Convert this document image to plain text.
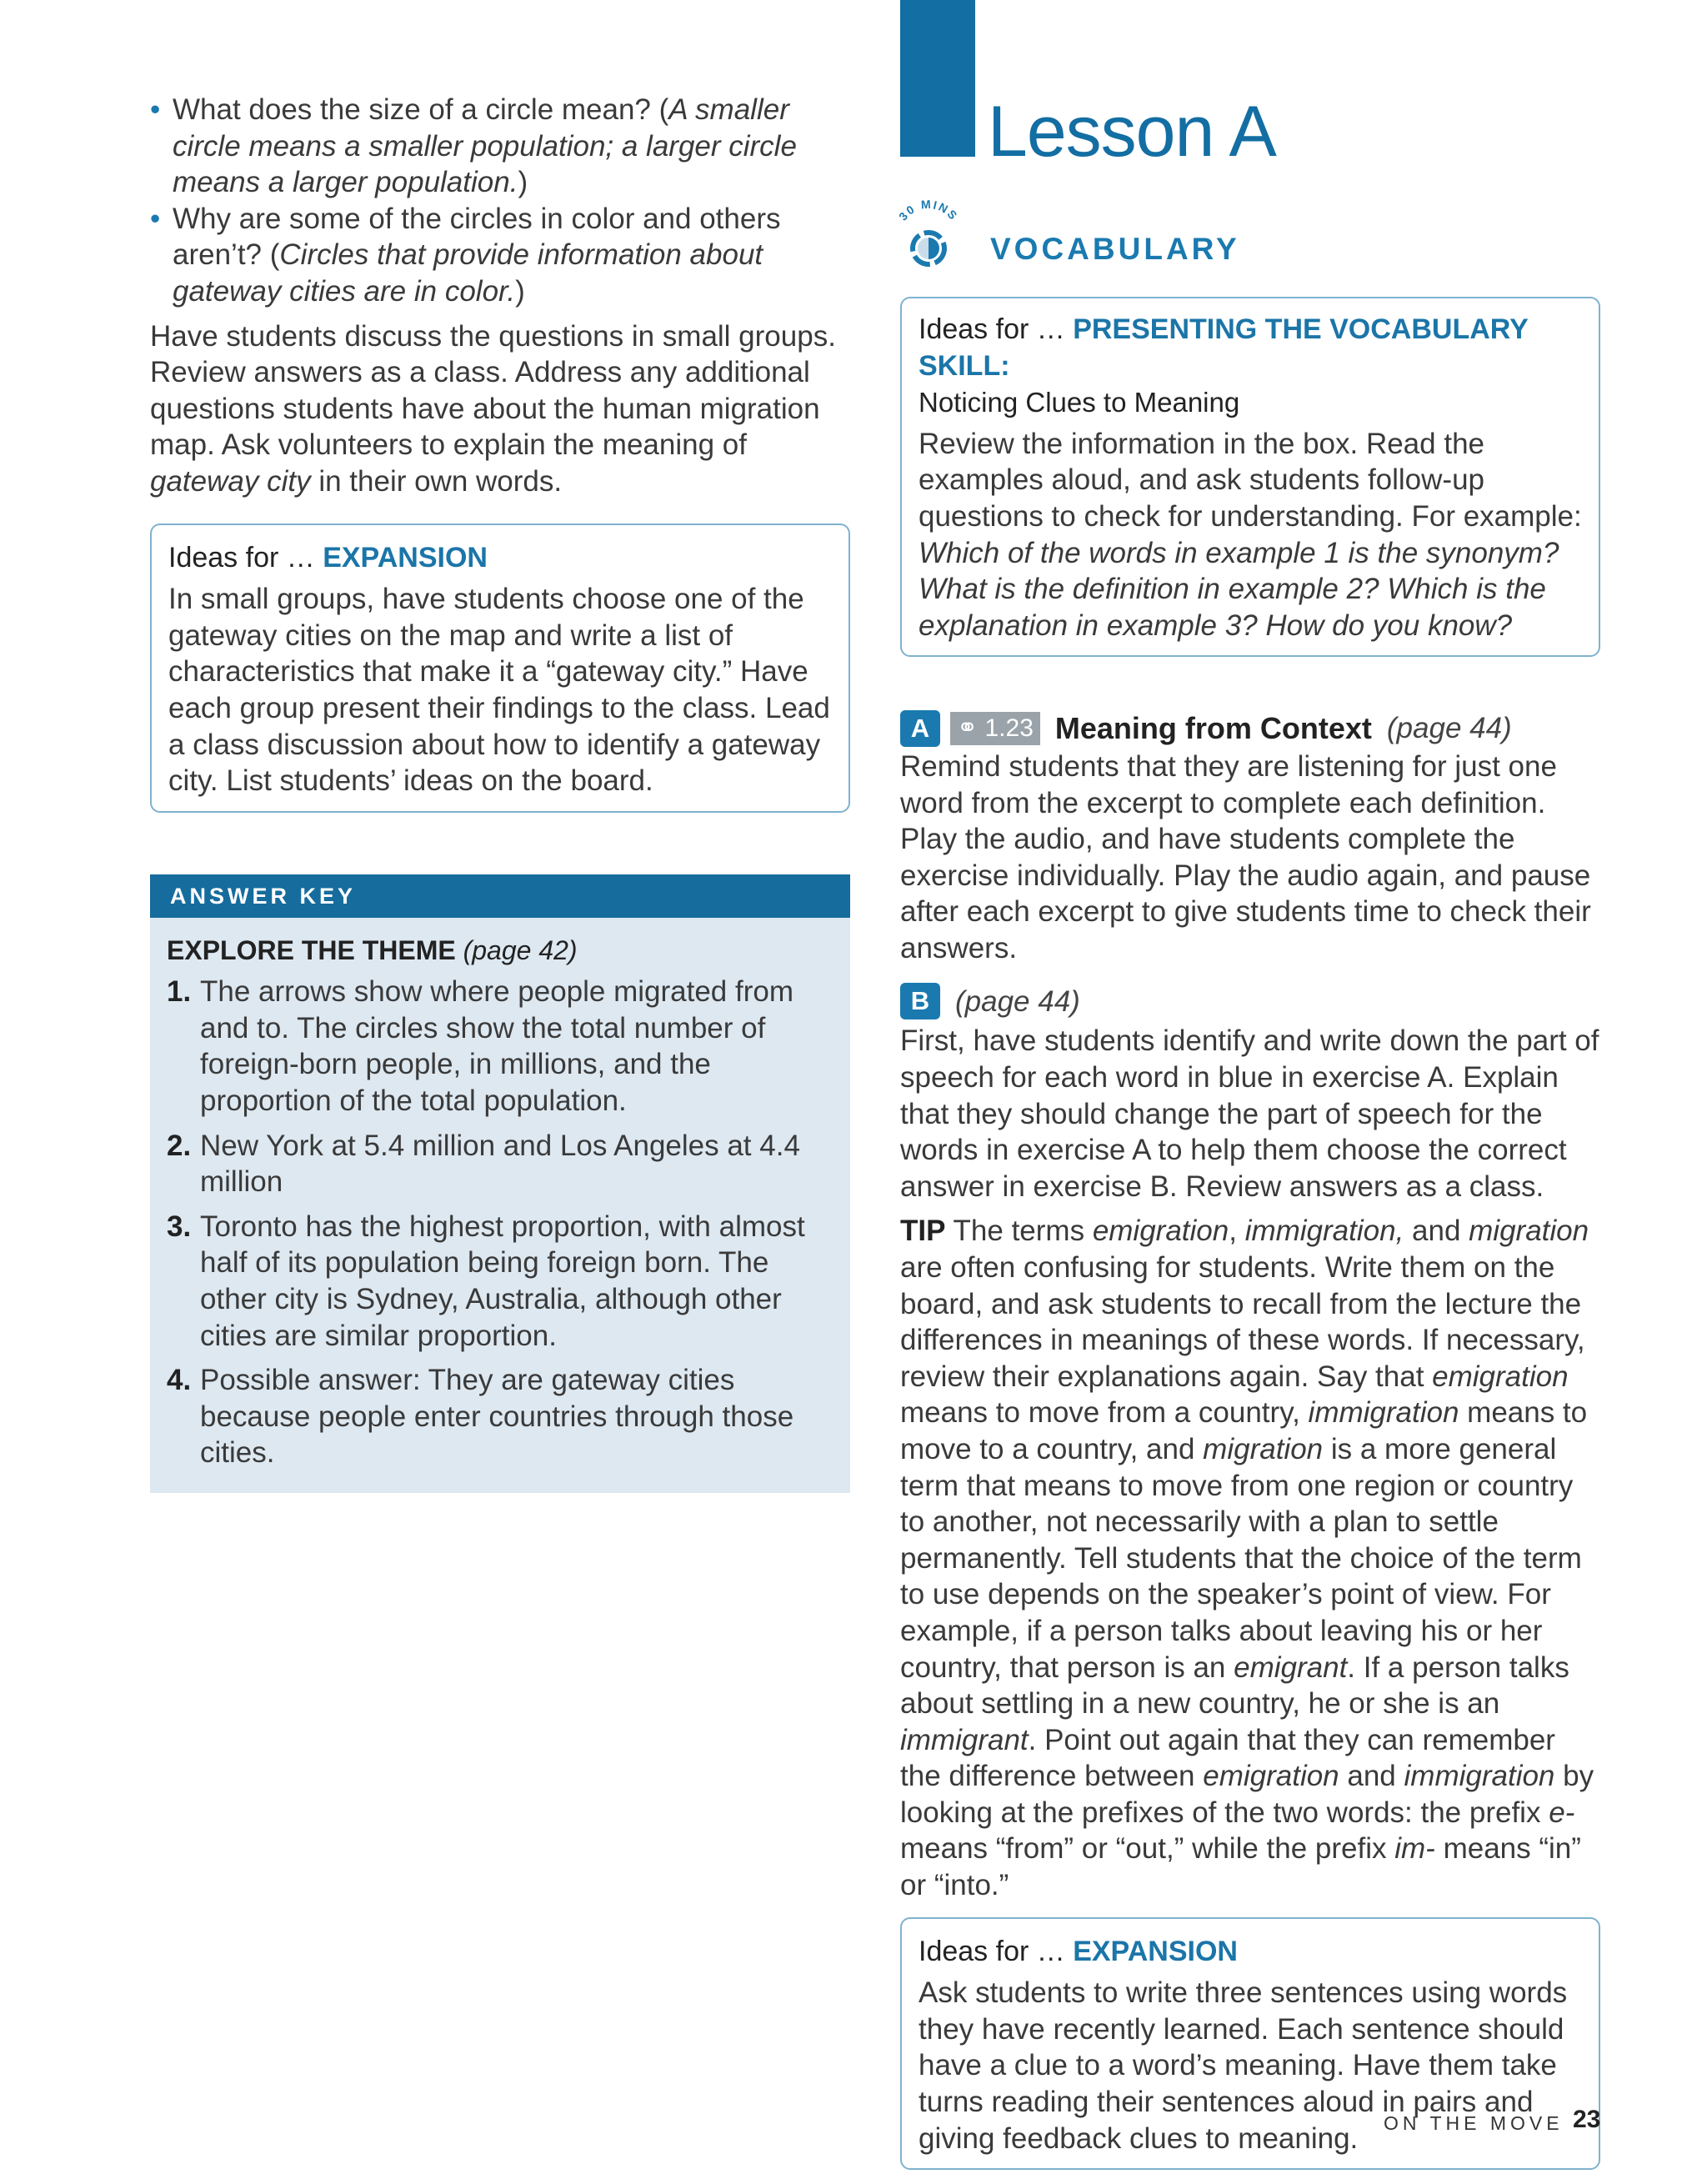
• What does the size of a circle mean? (A smaller circle means a smaller population; a larger circle means a larger population.)
• Why are some of the circles in color and others aren’t? (Circles that provide information about gateway cities are in color.)

Have students discuss the questions in small groups. Review answers as a class. Address any additional questions students have about the human migration map. Ask volunteers to explain the meaning of gateway city in their own words.

Ideas for … EXPANSION

In small groups, have students choose one of the gateway cities on the map and write a list of characteristics that make it a “gateway city.” Have each group present their findings to the class. Lead a class discussion about how to identify a gateway city. List students’ ideas on the board.

ANSWER KEY
EXPLORE THE THEME (page 42)
1. The arrows show where people migrated from and to. The circles show the total number of foreign-born people, in millions, and the proportion of the total population.
2. New York at 5.4 million and Los Angeles at 4.4 million
3. Toronto has the highest proportion, with almost half of its population being foreign born. The other city is Sydney, Australia, although other cities are similar proportion.
4. Possible answer: They are gateway cities because people enter countries through those cities.
Lesson A
30 MINS
VOCABULARY
Ideas for … PRESENTING THE VOCABULARY SKILL:
Noticing Clues to Meaning

Review the information in the box. Read the examples aloud, and ask students follow-up questions to check for understanding. For example: Which of the words in example 1 is the synonym? What is the definition in example 2? Which is the explanation in example 3? How do you know?

A ⚭ 1.23 Meaning from Context (page 44)

Remind students that they are listening for just one word from the excerpt to complete each definition. Play the audio, and have students complete the exercise individually. Play the audio again, and pause after each excerpt to give students time to check their answers.

B (page 44)

First, have students identify and write down the part of speech for each word in blue in exercise A. Explain that they should change the part of speech for the words in exercise A to help them choose the correct answer in exercise B. Review answers as a class.

TIP The terms emigration, immigration, and migration are often confusing for students. Write them on the board, and ask students to recall from the lecture the differences in meanings of these words. If necessary, review their explanations again. Say that emigration means to move from a country, immigration means to move to a country, and migration is a more general term that means to move from one region or country to another, not necessarily with a plan to settle permanently. Tell students that the choice of the term to use depends on the speaker’s point of view. For example, if a person talks about leaving his or her country, that person is an emigrant. If a person talks about settling in a new country, he or she is an immigrant. Point out again that they can remember the difference between emigration and immigration by looking at the prefixes of the two words: the prefix e- means “from” or “out,” while the prefix im- means “in” or “into.”

Ideas for … EXPANSION

Ask students to write three sentences using words they have recently learned. Each sentence should have a clue to a word’s meaning. Have them take turns reading their sentences aloud in pairs and giving feedback clues to meaning.	ON THE MOVE 23
